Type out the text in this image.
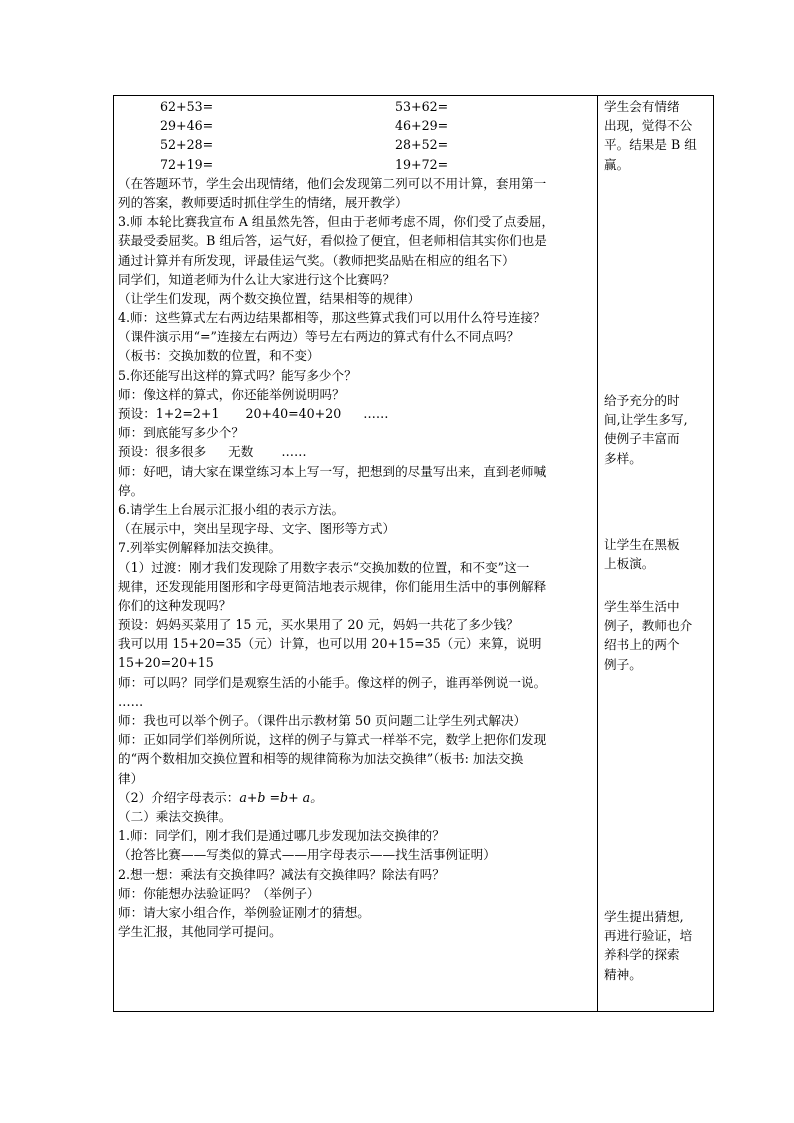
62+53=	53+62=
29+46=	46+29=
52+28=	28+52=
72+19=	19+72=
（在答题环节，学生会出现情绪，他们会发现第二列可以不用计算，套用第一
列的答案，教师要适时抓住学生的情绪，展开教学）
3.师 本轮比赛我宣布 A 组虽然先答，但由于老师考虑不周，你们受了点委屈，
获最受委屈奖。B 组后答，运气好，看似捡了便宜，但老师相信其实你们也是
通过计算并有所发现，评最佳运气奖。（教师把奖品贴在相应的组名下）
同学们，知道老师为什么让大家进行这个比赛吗？
（让学生们发现，两个数交换位置，结果相等的规律）
4.师：这些算式左右两边结果都相等，那这些算式我们可以用什么符号连接？
（课件演示用“=”连接左右两边）等号左右两边的算式有什么不同点吗？
（板书：交换加数的位置，和不变）
5.你还能写出这样的算式吗？能写多少个？
师：像这样的算式，你还能举例说明吗？
预设：1+2=2+1 20+40=40+20 ……
师：到底能写多少个？
预设：很多很多 无数 ……
师：好吧，请大家在课堂练习本上写一写，把想到的尽量写出来，直到老师喊
停。
6.请学生上台展示汇报小组的表示方法。
（在展示中，突出呈现字母、文字、图形等方式）
7.列举实例解释加法交换律。
（1）过渡：刚才我们发现除了用数字表示“交换加数的位置，和不变”这一
规律，还发现能用图形和字母更简洁地表示规律，你们能用生活中的事例解释
你们的这种发现吗？
预设：妈妈买菜用了 15 元，买水果用了 20 元，妈妈一共花了多少钱？
我可以用 15+20=35（元）计算，也可以用 20+15=35（元）来算，说明
15+20=20+15
师：可以吗？同学们是观察生活的小能手。像这样的例子，谁再举例说一说。
……
师：我也可以举个例子。（课件出示教材第 50 页问题二让学生列式解决）
师：正如同学们举例所说，这样的例子与算式一样举不完，数学上把你们发现
的“两个数相加交换位置和相等的规律简称为加法交换律”（板书: 加法交换
律）
（2）介绍字母表示：a+b =b+ a。
（二）乘法交换律。
1.师：同学们，刚才我们是通过哪几步发现加法交换律的？
（抢答比赛——写类似的算式——用字母表示——找生活事例证明）
2.想一想：乘法有交换律吗？减法有交换律吗？除法有吗？
师：你能想办法验证吗？（举例子）
师：请大家小组合作，举例验证刚才的猜想。
学生汇报，其他同学可提问。

学生会有情绪

出现，觉得不公

平。结果是 B 组

赢。

给予充分的时

间,让学生多写,

使例子丰富而

多样。

让学生在黑板

上板演。

学生举生活中

例子，教师也介

绍书上的两个

例子。

学生提出猜想,

再进行验证，培

养科学的探索

精神。
